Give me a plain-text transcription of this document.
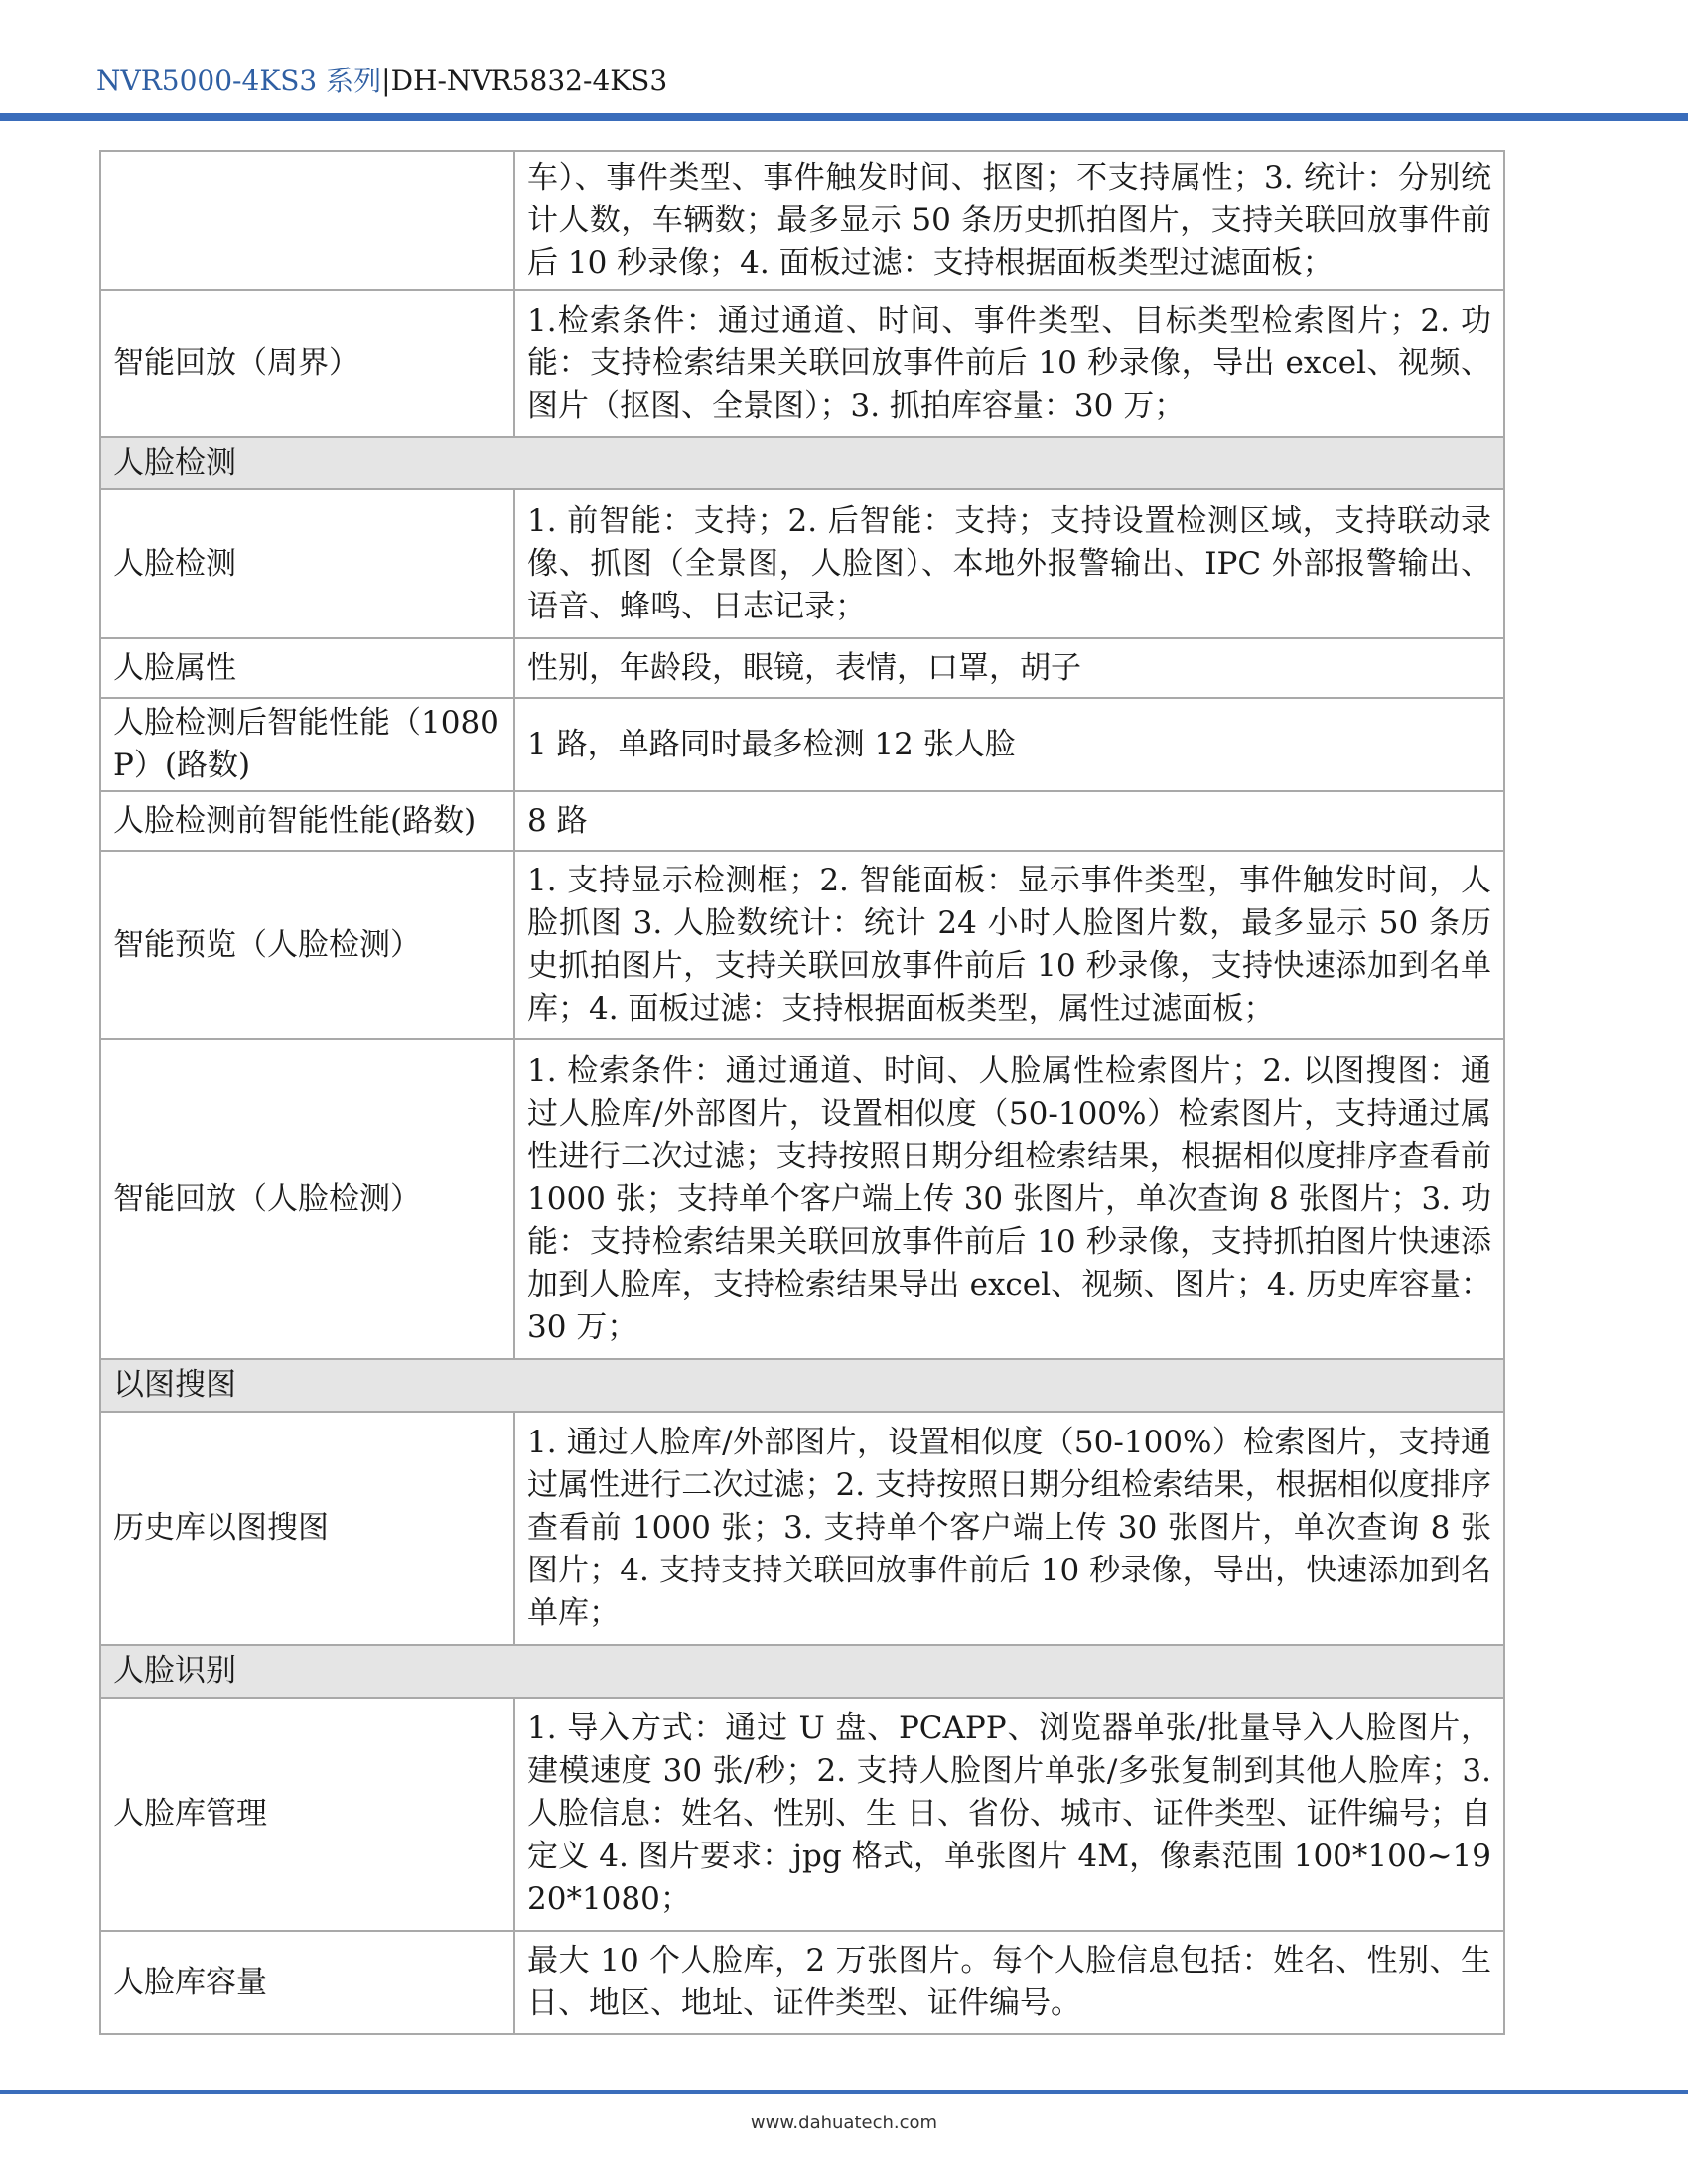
NVR5000-4KS3 系列|DH-NVR5832-4KS3
	车）、事件类型、事件触发时间、抠图；不支持属性；3. 统计：分别统计人数，车辆数；最多显示 50 条历史抓拍图片，支持关联回放事件前后 10 秒录像；4. 面板过滤：支持根据面板类型过滤面板；
智能回放（周界）	1.检索条件：通过通道、时间、事件类型、目标类型检索图片；2. 功能：支持检索结果关联回放事件前后 10 秒录像，导出 excel、视频、图片（抠图、全景图）；3. 抓拍库容量：30 万；
人脸检测	
人脸检测	1. 前智能：支持；2. 后智能：支持；支持设置检测区域，支持联动录像、抓图（全景图，人脸图）、本地外报警输出、IPC 外部报警输出、语音、蜂鸣、日志记录；
人脸属性	性别，年龄段，眼镜，表情，口罩，胡子
人脸检测后智能性能（1080P）(路数)	1 路，单路同时最多检测 12 张人脸
人脸检测前智能性能(路数)	8 路
智能预览（人脸检测）	1. 支持显示检测框；2. 智能面板：显示事件类型，事件触发时间，人脸抓图 3. 人脸数统计：统计 24 小时人脸图片数，最多显示 50 条历史抓拍图片，支持关联回放事件前后 10 秒录像，支持快速添加到名单库；4. 面板过滤：支持根据面板类型，属性过滤面板；
智能回放（人脸检测）	1. 检索条件：通过通道、时间、人脸属性检索图片；2. 以图搜图：通过人脸库/外部图片，设置相似度（50-100%）检索图片，支持通过属性进行二次过滤；支持按照日期分组检索结果，根据相似度排序查看前 1000 张；支持单个客户端上传 30 张图片，单次查询 8 张图片；3. 功能：支持检索结果关联回放事件前后 10 秒录像，支持抓拍图片快速添加到人脸库，支持检索结果导出 excel、视频、图片；4. 历史库容量：30 万；
以图搜图	
历史库以图搜图	1. 通过人脸库/外部图片，设置相似度（50-100%）检索图片，支持通过属性进行二次过滤；2. 支持按照日期分组检索结果，根据相似度排序查看前 1000 张；3. 支持单个客户端上传 30 张图片，单次查询 8 张图片；4. 支持支持关联回放事件前后 10 秒录像，导出，快速添加到名单库；
人脸识别	
人脸库管理	1. 导入方式：通过 U 盘、PCAPP、浏览器单张/批量导入人脸图片，建模速度 30 张/秒；2. 支持人脸图片单张/多张复制到其他人脸库；3. 人脸信息：姓名、性别、生 日、省份、城市、证件类型、证件编号；自定义 4. 图片要求：jpg 格式，单张图片 4M，像素范围 100*100~1920*1080；
人脸库容量	最大 10 个人脸库，2 万张图片。每个人脸信息包括：姓名、性别、生 日、地区、地址、证件类型、证件编号。
www.dahuatech.com
